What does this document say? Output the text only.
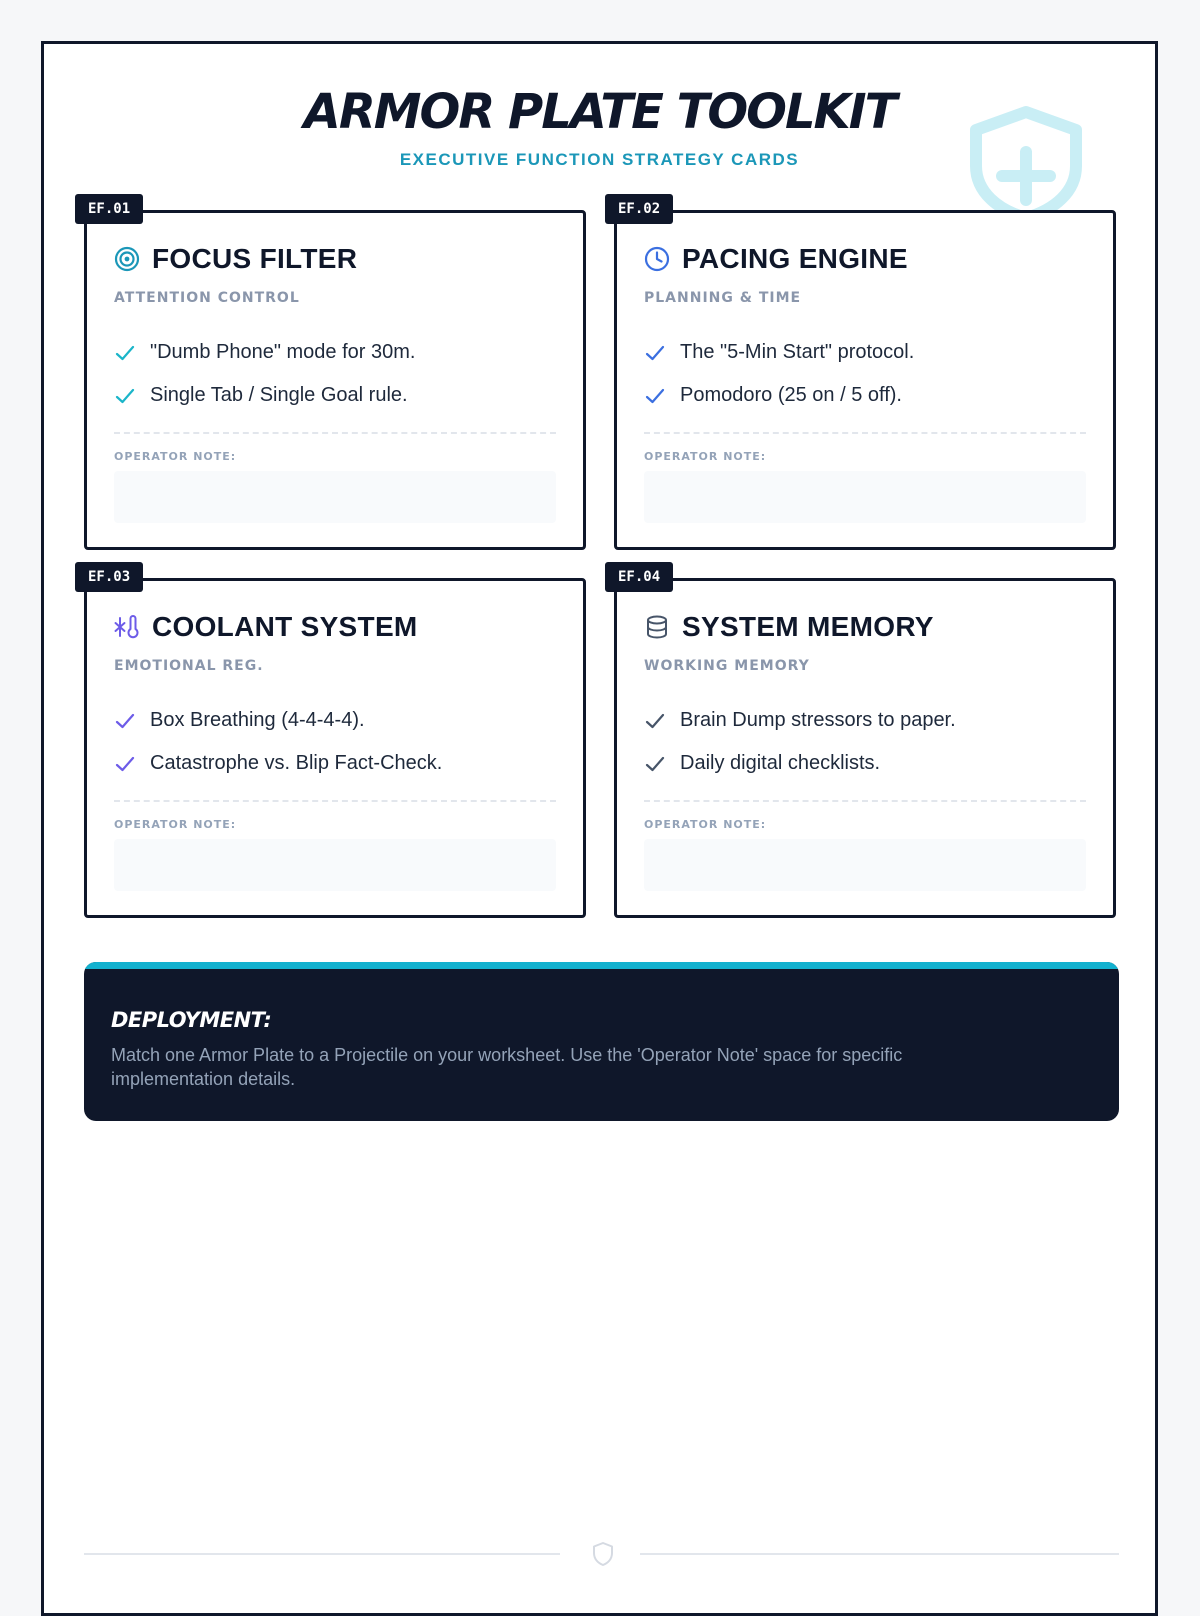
ARMOR PLATE TOOLKIT
EXECUTIVE FUNCTION STRATEGY CARDS
EF.01
FOCUS FILTER
ATTENTION CONTROL
"Dumb Phone" mode for 30m.
Single Tab / Single Goal rule.
OPERATOR NOTE:
EF.02
PACING ENGINE
PLANNING & TIME
The "5-Min Start" protocol.
Pomodoro (25 on / 5 off).
OPERATOR NOTE:
EF.03
COOLANT SYSTEM
EMOTIONAL REG.
Box Breathing (4-4-4-4).
Catastrophe vs. Blip Fact-Check.
OPERATOR NOTE:
EF.04
SYSTEM MEMORY
WORKING MEMORY
Brain Dump stressors to paper.
Daily digital checklists.
OPERATOR NOTE:
DEPLOYMENT:
Match one Armor Plate to a Projectile on your worksheet. Use the 'Operator Note' space for specific implementation details.
